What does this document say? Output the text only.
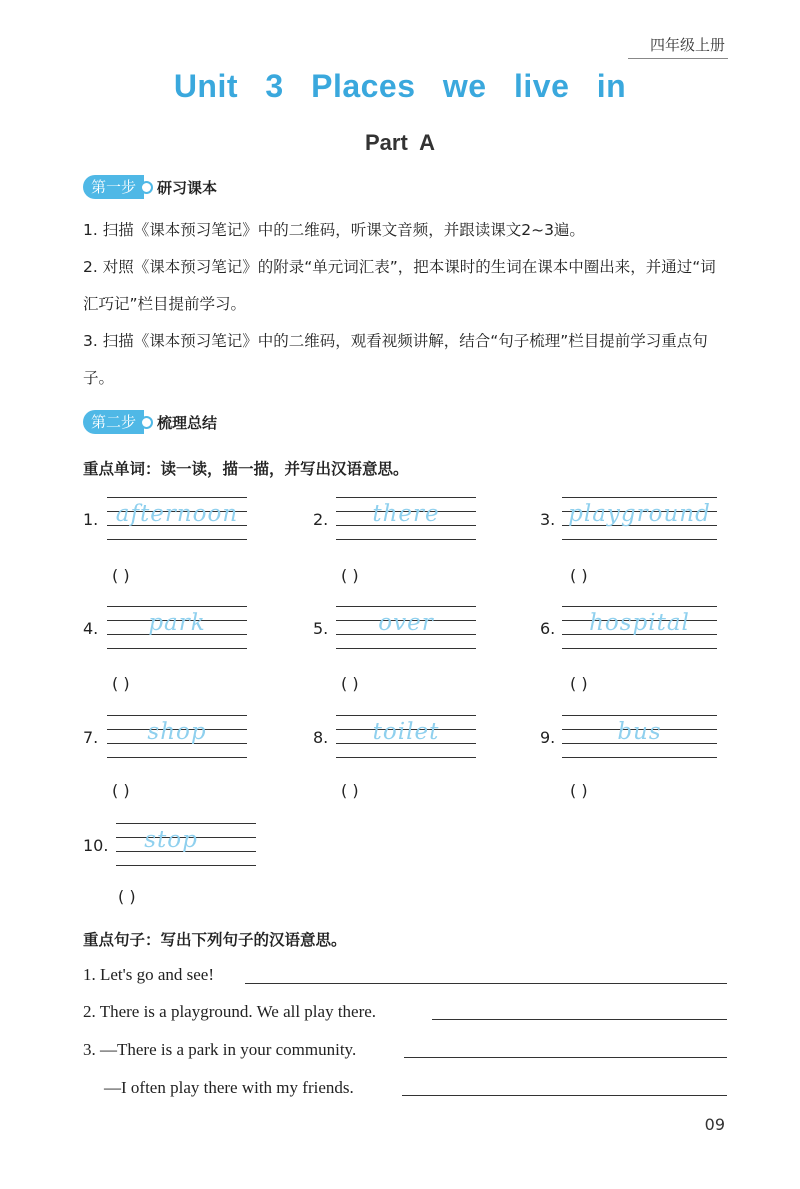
四年级上册
Unit 3 Places we live in
Part A
第一步	研习课本
1. 扫描《课本预习笔记》中的二维码，听课文音频，并跟读课文2~3遍。
2. 对照《课本预习笔记》的附录“单元词汇表”，把本课时的生词在课本中圈出来，并通过“词汇巧记”栏目提前学习。
3. 扫描《课本预习笔记》中的二维码，观看视频讲解，结合“句子梳理”栏目提前学习重点句子。
第二步	梳理总结
重点单词：读一读，描一描，并写出汉语意思。
1. afternoon
( )
2.	there
( )
3. playground
( )
4.	park
( )
5.	over
( )
6.	hospital
( )
7.	shop
( )
8.	toilet
( )
9.	bus
( )
10.	stop
( )
重点句子：写出下列句子的汉语意思。
1. Let's go and see!
2. There is a playground. We all play there.
3. —There is a park in your community.
—I often play there with my friends.
09
